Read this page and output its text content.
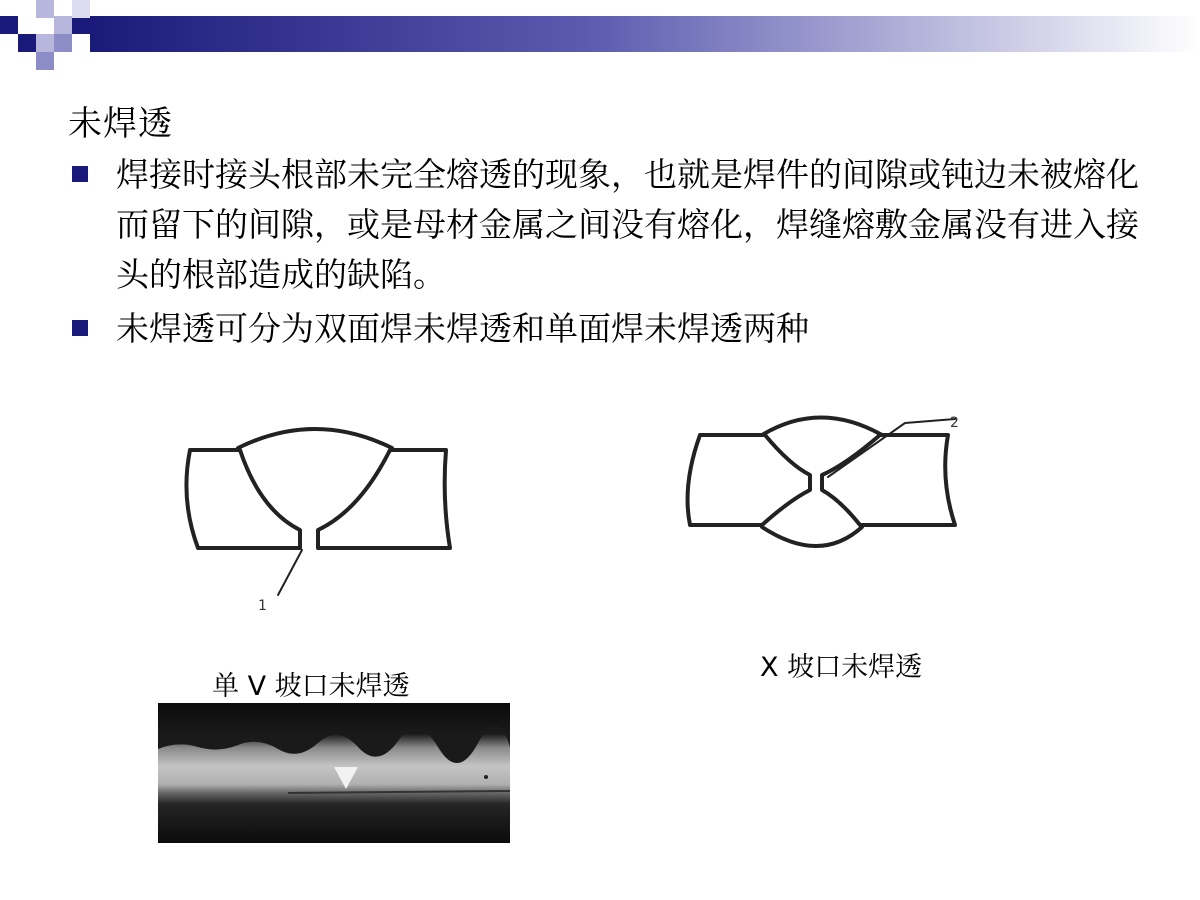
未焊透
焊接时接头根部未完全熔透的现象，也就是焊件的间隙或钝边未被熔化而留下的间隙，或是母材金属之间没有熔化，焊缝熔敷金属没有进入接头的根部造成的缺陷。
未焊透可分为双面焊未焊透和单面焊未焊透两种
1
2
单 V 坡口未焊透
X 坡口未焊透
